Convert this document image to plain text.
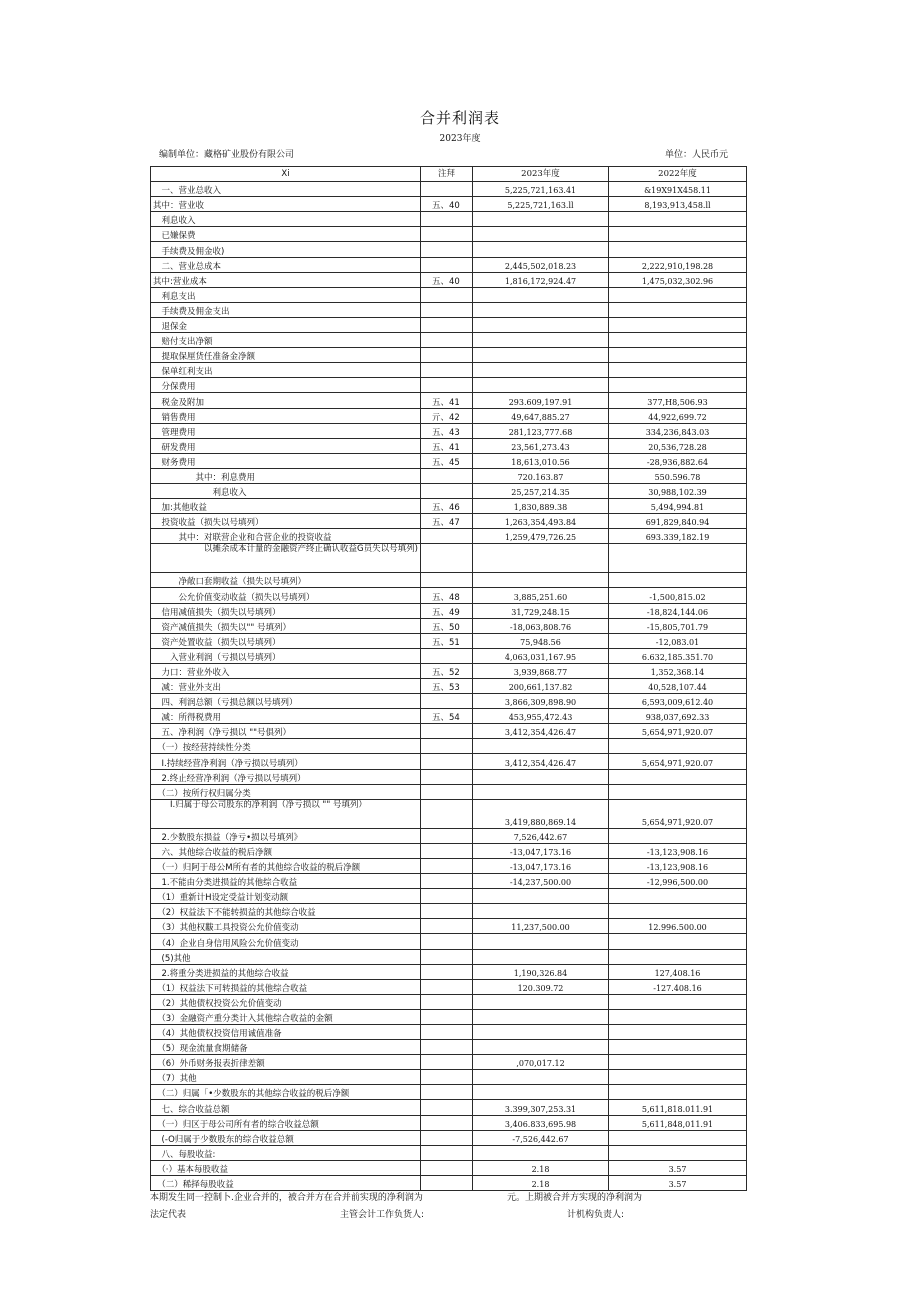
合并利润表
2023年度
编制单位：藏格矿业股份有限公司	单位：人民币元
Xi	注拜	2023年度	2022年度
　一、营业总收入		5,225,721,163.41	&19X91X458.11
其中：营业收	五、40	5,225,721,163.ll	8,193,913,458.ll
　利息收入			
　已嫌保费			
　手续费及佣金收)			
　二、营业总成本		2,445,502,018.23	2,222,910,198.28
其中:营业成本	五、40	1,816,172,924.47	1,475,032,302.96
　利息支出			
　手续费及佣金支出			
　退保金			
　赔付支出净额			
　提取保厘货任准备金净额			
　保单红利支出			
　分保费用			
　税金及附加	五、41	293.609,197.91	377,H8,506.93
　销售费用	亓、42	49,647,885.27	44,922,699.72
　管理费用	五、43	281,123,777.68	334,236,843.03
　研发费用	五、41	23,561,273.43	20,536,728.28
　财务费用	五、45	18,613,010.56	-28,936,882.64
　　　　　其中：利息费用		720.163.87	550.596.78
　　　　　　　利息收入		25,257,214.35	30,988,102.39
　加:其他收益	五、46	1,830,889.38	5,494,994.81
　投资收益（损失以号填列）	五、47	1,263,354,493.84	691,829,840.94
　　　其中：对联营企业和合营企业的投资收益		1,259,479,726.25	693.339,182.19
　　　　　　以摊余成本计量的金融资产终止确认收益G员失以号填列)			
　　　净敞口套期收益（损失以号填列）			
　　　公允价值变动收益（损失以号填列）	五、48	3,885,251.60	-1,500,815.02
　信用减值损失（损失以号填列）	五、49	31,729,248.15	-18,824,144.06
　资产减值损失（损失以"" 号填列）	五、50	-18,063,808.76	-15,805,701.79
　资产处置收益（损失以号填列）	五、51	75,948.56	-12,083.01
　　入营业利润（亏损以号填列）		4,063,031,167.95	6.632,185.351.70
　力口：营业外收入	五、52	3,939,868.77	1,352,368.14
　减：营业外支出	五、53	200,661,137.82	40,528,107.44
　四、利润总额（亏损总额以号填列）		3,866,309,898.90	6,593,009,612.40
　减：所得税费用	五、54	453,955,472.43	938,037,692.33
　五、净利润（净亏损以 ""号俱列）		3,412,354,426.47	5,654,971,920.07
　（一）按经营持续性分类			
　I.持续经营净利润（净亏损以号填列）		3,412,354,426.47	5,654,971,920.07
　2.终止经营净利润（净亏损以号填列）			
　（二）按所行权归属分类			
　　I.归属于母公司股东的净利润（净亏损以 "" 号填列）		3,419,880,869.14	5,654,971,920.07
　2.少数股东损益（净亏•损以号填列》		7,526,442.67	
　六、其他综合收益的税后净额		-13,047,173.16	-13,123,908.16
　（一）归阿于母公M所有者的其他综合收益的税后净额		-13,047,173.16	-13,123,908.16
　1.不能由分类进损益的其他综合收益		-14,237,500.00	-12,996,500.00
　（1）重新计H设定受益计划变动额			
　（2）权益法下不能转损益的其他综合收益			
　（3）其他权黻工具投资公允价值变动		11,237,500.00	12.996.500.00
　（4）企业自身信用风险公允价值变动			
　(5)其他			
　2.将重分类进损益的其他综合收益		1,190,326.84	127,408.16
　（1）权益法下可转损益的其他综合收益		120.309.72	-127.408.16
　（2）其他债权投资公允价值变动			
　（3）金融资产重分类计入其他综合收益的金额			
　（4）其他债权投资信用诚值准备			
　（5）现金流量食期储备			
　（6）外币财务报表折律差额		,070,017.12	
　（7）其他			
　（二）归属「•少数股东的其他综合收益的税后净额			
　七、综合收益总额		3.399,307,253.31	5,611,818.011.91
　（一）归区于母公司所有者的综合收益总额		3,406.833,695.98	5,611,848,011.91
　(-O归属于少数股东的综合收益总额		-7,526,442.67	
　八、每股收益:			
　（·）基本每股收益		2.18	3.57
　（二）稀择每股收益		2.18	3.57
本期发生同一控制卜.企业合并的，被合并方在合并前实现的净利润为	元。上期被合并方实现的净利润为
法定代表	主管会计工作负货人:	计机构负责人:
